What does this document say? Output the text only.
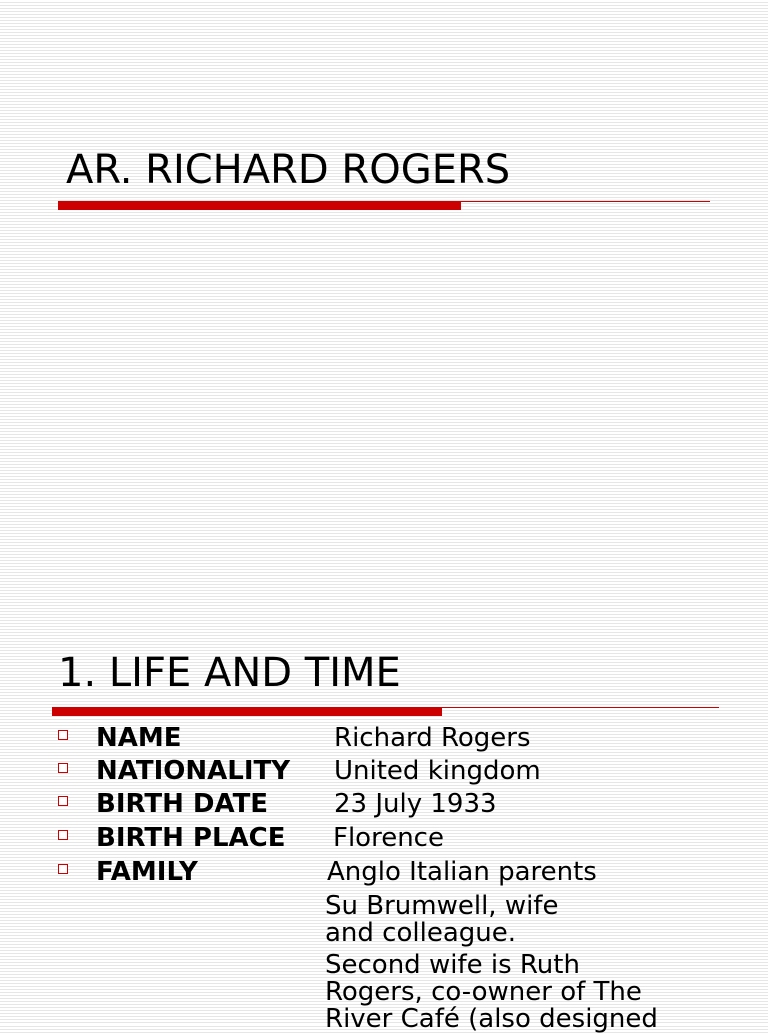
AR. RICHARD ROGERS
1. LIFE AND TIME
NAME	Richard Rogers
NATIONALITY United kingdom
BIRTH DATE	23 July 1933
BIRTH PLACE Florence
FAMILY	Anglo Italian parents
Su Brumwell, wife
and colleague.
Second wife is Ruth
Rogers, co-owner of The
River Café (also designed
